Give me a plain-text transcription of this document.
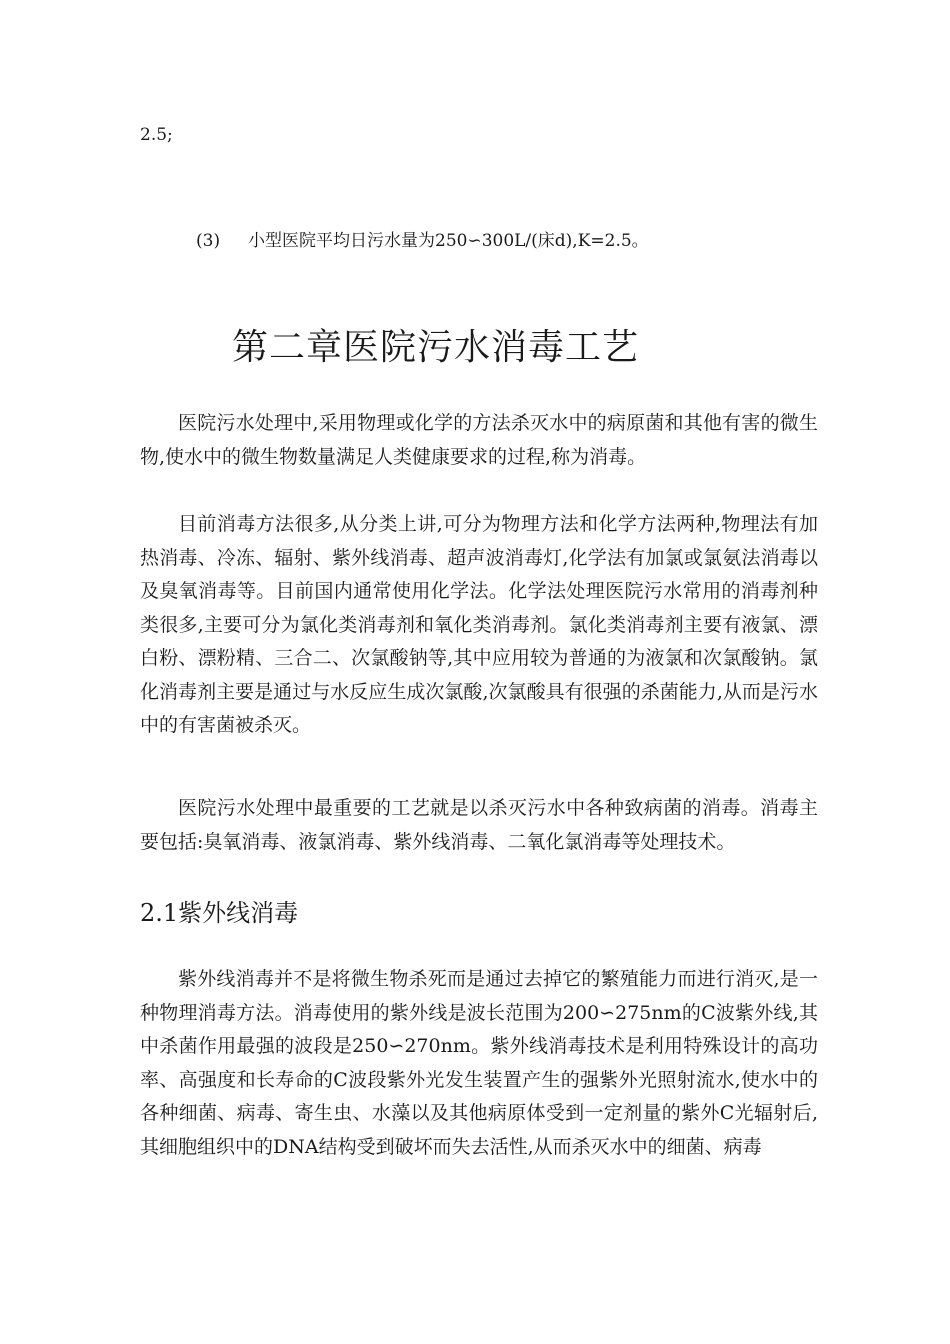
2.5;

(3) 小型医院平均日污水量为250∽300L/(床d),K=2.5。

第二章医院污水消毒工艺

医院污水处理中,采用物理或化学的方法杀灭水中的病原菌和其他有害的微生物,使水中的微生物数量满足人类健康要求的过程,称为消毒。

目前消毒方法很多,从分类上讲,可分为物理方法和化学方法两种,物理法有加热消毒、冷冻、辐射、紫外线消毒、超声波消毒灯,化学法有加氯或氯氨法消毒以及臭氧消毒等。目前国内通常使用化学法。化学法处理医院污水常用的消毒剂种类很多,主要可分为氯化类消毒剂和氧化类消毒剂。氯化类消毒剂主要有液氯、漂白粉、漂粉精、三合二、次氯酸钠等,其中应用较为普通的为液氯和次氯酸钠。氯化消毒剂主要是通过与水反应生成次氯酸,次氯酸具有很强的杀菌能力,从而是污水中的有害菌被杀灭。

医院污水处理中最重要的工艺就是以杀灭污水中各种致病菌的消毒。消毒主要包括:臭氧消毒、液氯消毒、紫外线消毒、二氧化氯消毒等处理技术。

2.1紫外线消毒

紫外线消毒并不是将微生物杀死而是通过去掉它的繁殖能力而进行消灭,是一种物理消毒方法。消毒使用的紫外线是波长范围为200∽275nm的C波紫外线,其中杀菌作用最强的波段是250∽270nm。紫外线消毒技术是利用特殊设计的高功率、高强度和长寿命的C波段紫外光发生装置产生的强紫外光照射流水,使水中的各种细菌、病毒、寄生虫、水藻以及其他病原体受到一定剂量的紫外C光辐射后,其细胞组织中的DNA结构受到破坏而失去活性,从而杀灭水中的细菌、病毒
